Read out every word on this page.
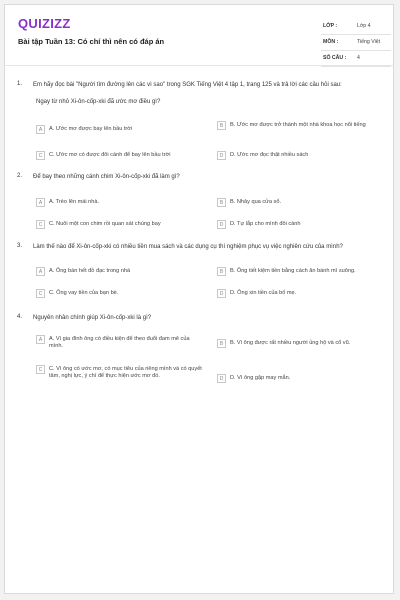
QUIZIZZ
Bài tập Tuần 13: Có chí thì nên có đáp án
LỚP :	Lớp 4
MÔN :	Tiếng Việt
SỐ CÂU : 4
1. Em hãy đọc bài "Người tìm đường lên các vì sao" trong SGK Tiếng Việt 4 tập 1, trang 125 và trả lời các câu hỏi sau:
Ngay từ nhỏ Xi-ôn-cốp-xki đã ước mơ điều gì?
A	A. Ước mơ được bay lên bầu trời	B	B. Ước mơ được trở thành một nhà khoa học nổi tiếng
C	C. Ước mơ có được đôi cánh để bay lên bầu trời	D	D. Ước mơ đọc thật nhiều sách
2. Để bay theo những cánh chim Xi-ôn-cốp-xki đã làm gì?
A	A. Trèo lên mái nhà.	B	B. Nhảy qua cửa sổ.
C	C. Nuôi một con chim rồi quan sát chúng bay	D	D. Tự lắp cho mình đôi cánh
3. Làm thế nào để Xi-ôn-cốp-xki có nhiều tiền mua sách và các dụng cụ thí nghiệm phục vụ việc nghiên cứu của mình?
A	A. Ông bán hết đồ đạc trong nhà	B	B. Ông tiết kiệm tiền bằng cách ăn bánh mì suông.
C	C. Ông vay tiền của bạn bè.	D	D. Ông xin tiền của bố mẹ.
4. Nguyên nhân chính giúp Xi-ôn-cốp-xki là gì?
A	A. Vì gia đình ông có điều kiện để theo đuổi đam mê của mình.	B	B. Vì ông được rất nhiều người ủng hộ và cổ vũ.
C	C. Vì ông có ước mơ, có mục tiêu của riêng mình và có quyết tâm, nghị lực, ý chí để thực hiện ước mơ đó.	D	D. Vì ông gặp may mắn.
